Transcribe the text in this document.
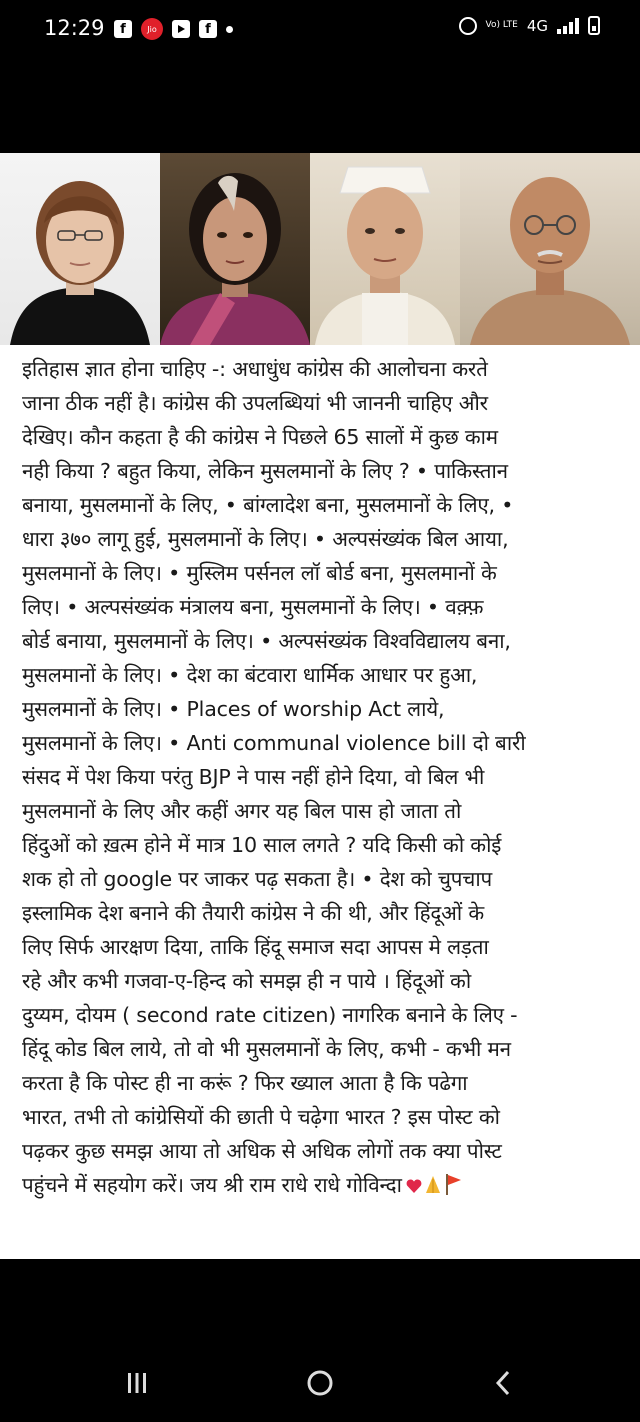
12:29	f	Jio	f	Vo) LTE 4G
इतिहास ज्ञात होना चाहिए -: अधाधुंध कांग्रेस की आलोचना करते
जाना ठीक नहीं है। कांग्रेस की उपलब्धियां भी जाननी चाहिए और
देखिए। कौन कहता है की कांग्रेस ने पिछले 65 सालों में कुछ काम
नही किया ? बहुत किया, लेकिन मुसलमानों के लिए ? • पाकिस्तान
बनाया, मुसलमानों के लिए, • बांग्लादेश बना, मुसलमानों के लिए, •
धारा ३७० लागू हुई, मुसलमानों के लिए। • अल्पसंख्यंक बिल आया,
मुसलमानों के लिए। • मुस्लिम पर्सनल लॉ बोर्ड बना, मुसलमानों के
लिए। • अल्पसंख्यंक मंत्रालय बना, मुसलमानों के लिए। • वक़्फ़
बोर्ड बनाया, मुसलमानों के लिए। • अल्पसंख्यंक विश्वविद्यालय बना,
मुसलमानों के लिए। • देश का बंटवारा धार्मिक आधार पर हुआ,
मुसलमानों के लिए। • Places of worship Act लाये,
मुसलमानों के लिए। • Anti communal violence bill दो बारी
संसद में पेश किया परंतु BJP ने पास नहीं होने दिया, वो बिल भी
मुसलमानों के लिए और कहीं अगर यह बिल पास हो जाता तो
हिंदुओं को ख़त्म होने में मात्र 10 साल लगते ? यदि किसी को कोई
शक हो तो google पर जाकर पढ़ सकता है। • देश को चुपचाप
इस्लामिक देश बनाने की तैयारी कांग्रेस ने की थी, और हिंदूओं के
लिए सिर्फ आरक्षण दिया, ताकि हिंदू समाज सदा आपस मे लड़ता
रहे और कभी गजवा-ए-हिन्द को समझ ही न पाये । हिंदूओं को
दुय्यम, दोयम ( second rate citizen) नागरिक बनाने के लिए -
हिंदू कोड बिल लाये, तो वो भी मुसलमानों के लिए, कभी - कभी मन
करता है कि पोस्ट ही ना करूं ? फिर ख्याल आता है कि पढेगा
भारत, तभी तो कांग्रेसियों की छाती पे चढ़ेगा भारत ? इस पोस्ट को
पढ़कर कुछ समझ आया तो अधिक से अधिक लोगों तक क्या पोस्ट
पहुंचने में सहयोग करें। जय श्री राम राधे राधे गोविन्दा
